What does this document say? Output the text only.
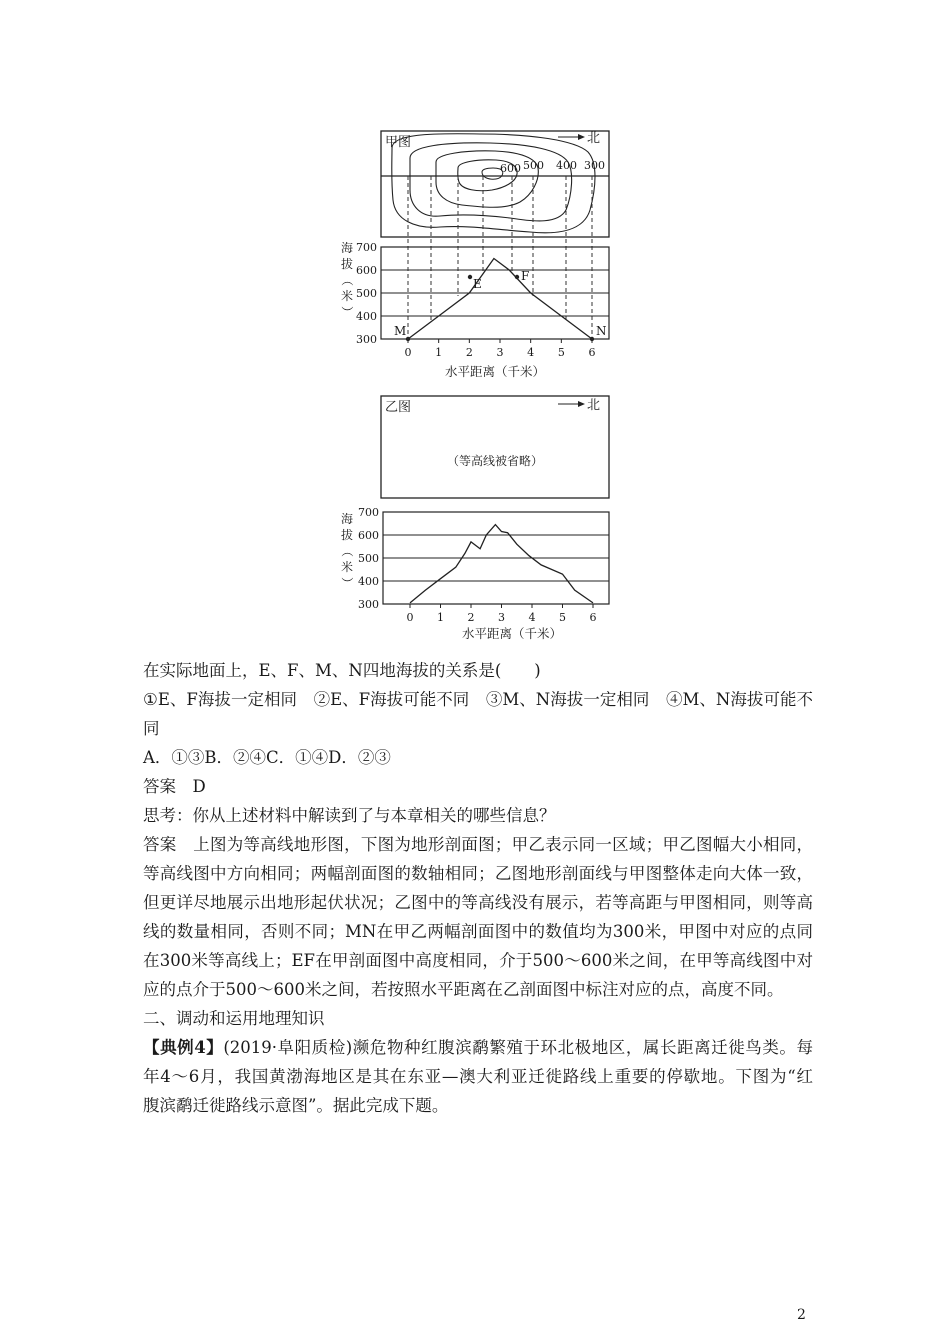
甲图	北
600 500 400 300
海
拔
（
米
）
700
600
500
400
300
0 1 2 3 4 5 6
M	N
E
F
水平距离（千米）
乙图	北
（等高线被省略）
海
拔
（
米
）
700
600
500
400
300
0 1 2 3 4 5 6
水平距离（千米）
在实际地面上，E、F、M、N四地海拔的关系是(　　)
①E、F海拔一定相同　②E、F海拔可能不同　③M、N海拔一定相同　④M、N海拔可能不
同
A．①③B．②④C．①④D．②③
答案　D
思考：你从上述材料中解读到了与本章相关的哪些信息？
答案　上图为等高线地形图，下图为地形剖面图；甲乙表示同一区域；甲乙图幅大小相同，
等高线图中方向相同；两幅剖面图的数轴相同；乙图地形剖面线与甲图整体走向大体一致，
但更详尽地展示出地形起伏状况；乙图中的等高线没有展示，若等高距与甲图相同，则等高
线的数量相同，否则不同；MN在甲乙两幅剖面图中的数值均为300米，甲图中对应的点同
在300米等高线上；EF在甲剖面图中高度相同，介于500～600米之间，在甲等高线图中对
应的点介于500～600米之间，若按照水平距离在乙剖面图中标注对应的点，高度不同。
二、调动和运用地理知识
【典例4】(2019·阜阳质检)濒危物种红腹滨鹬繁殖于环北极地区，属长距离迁徙鸟类。每
年4～6月，我国黄渤海地区是其在东亚—澳大利亚迁徙路线上重要的停歇地。下图为“红
腹滨鹬迁徙路线示意图”。据此完成下题。
2
